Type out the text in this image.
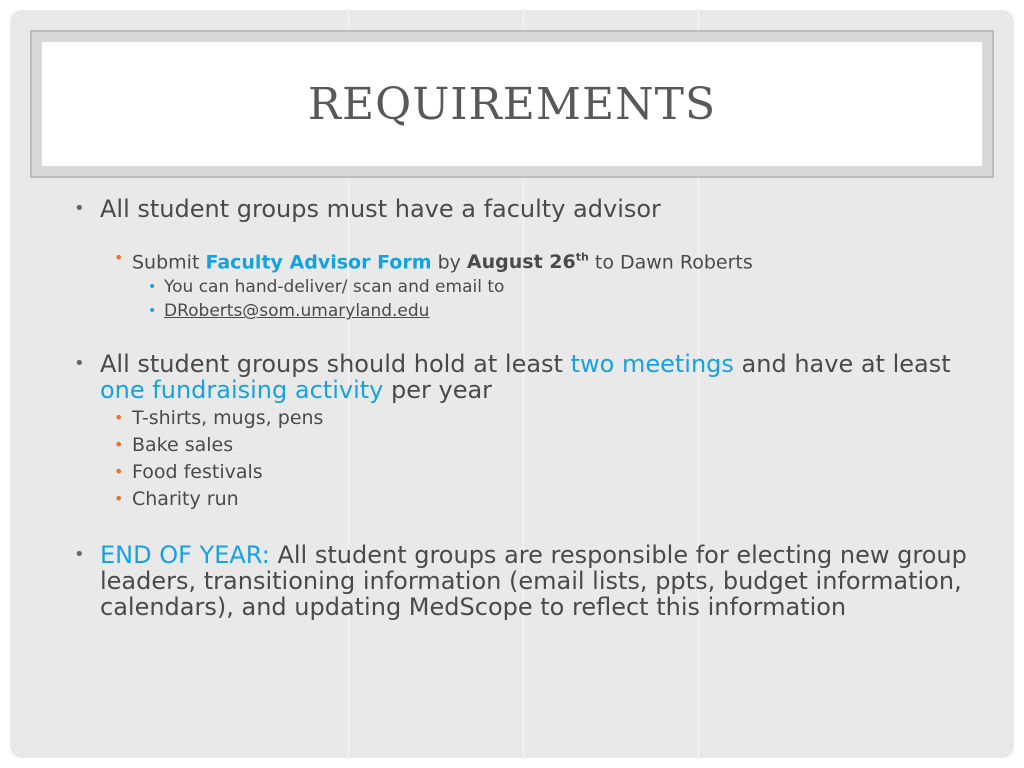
REQUIREMENTS
• All student groups must have a faculty advisor
• Submit Faculty Advisor Form by August 26th to Dawn Roberts
• You can hand-deliver/ scan and email to
• DRoberts@som.umaryland.edu
• All student groups should hold at least two meetings and have at least one fundraising activity per year
• T-shirts, mugs, pens
• Bake sales
• Food festivals
• Charity run
• END OF YEAR: All student groups are responsible for electing new group leaders, transitioning information (email lists, ppts, budget information, calendars), and updating MedScope to reflect this information
